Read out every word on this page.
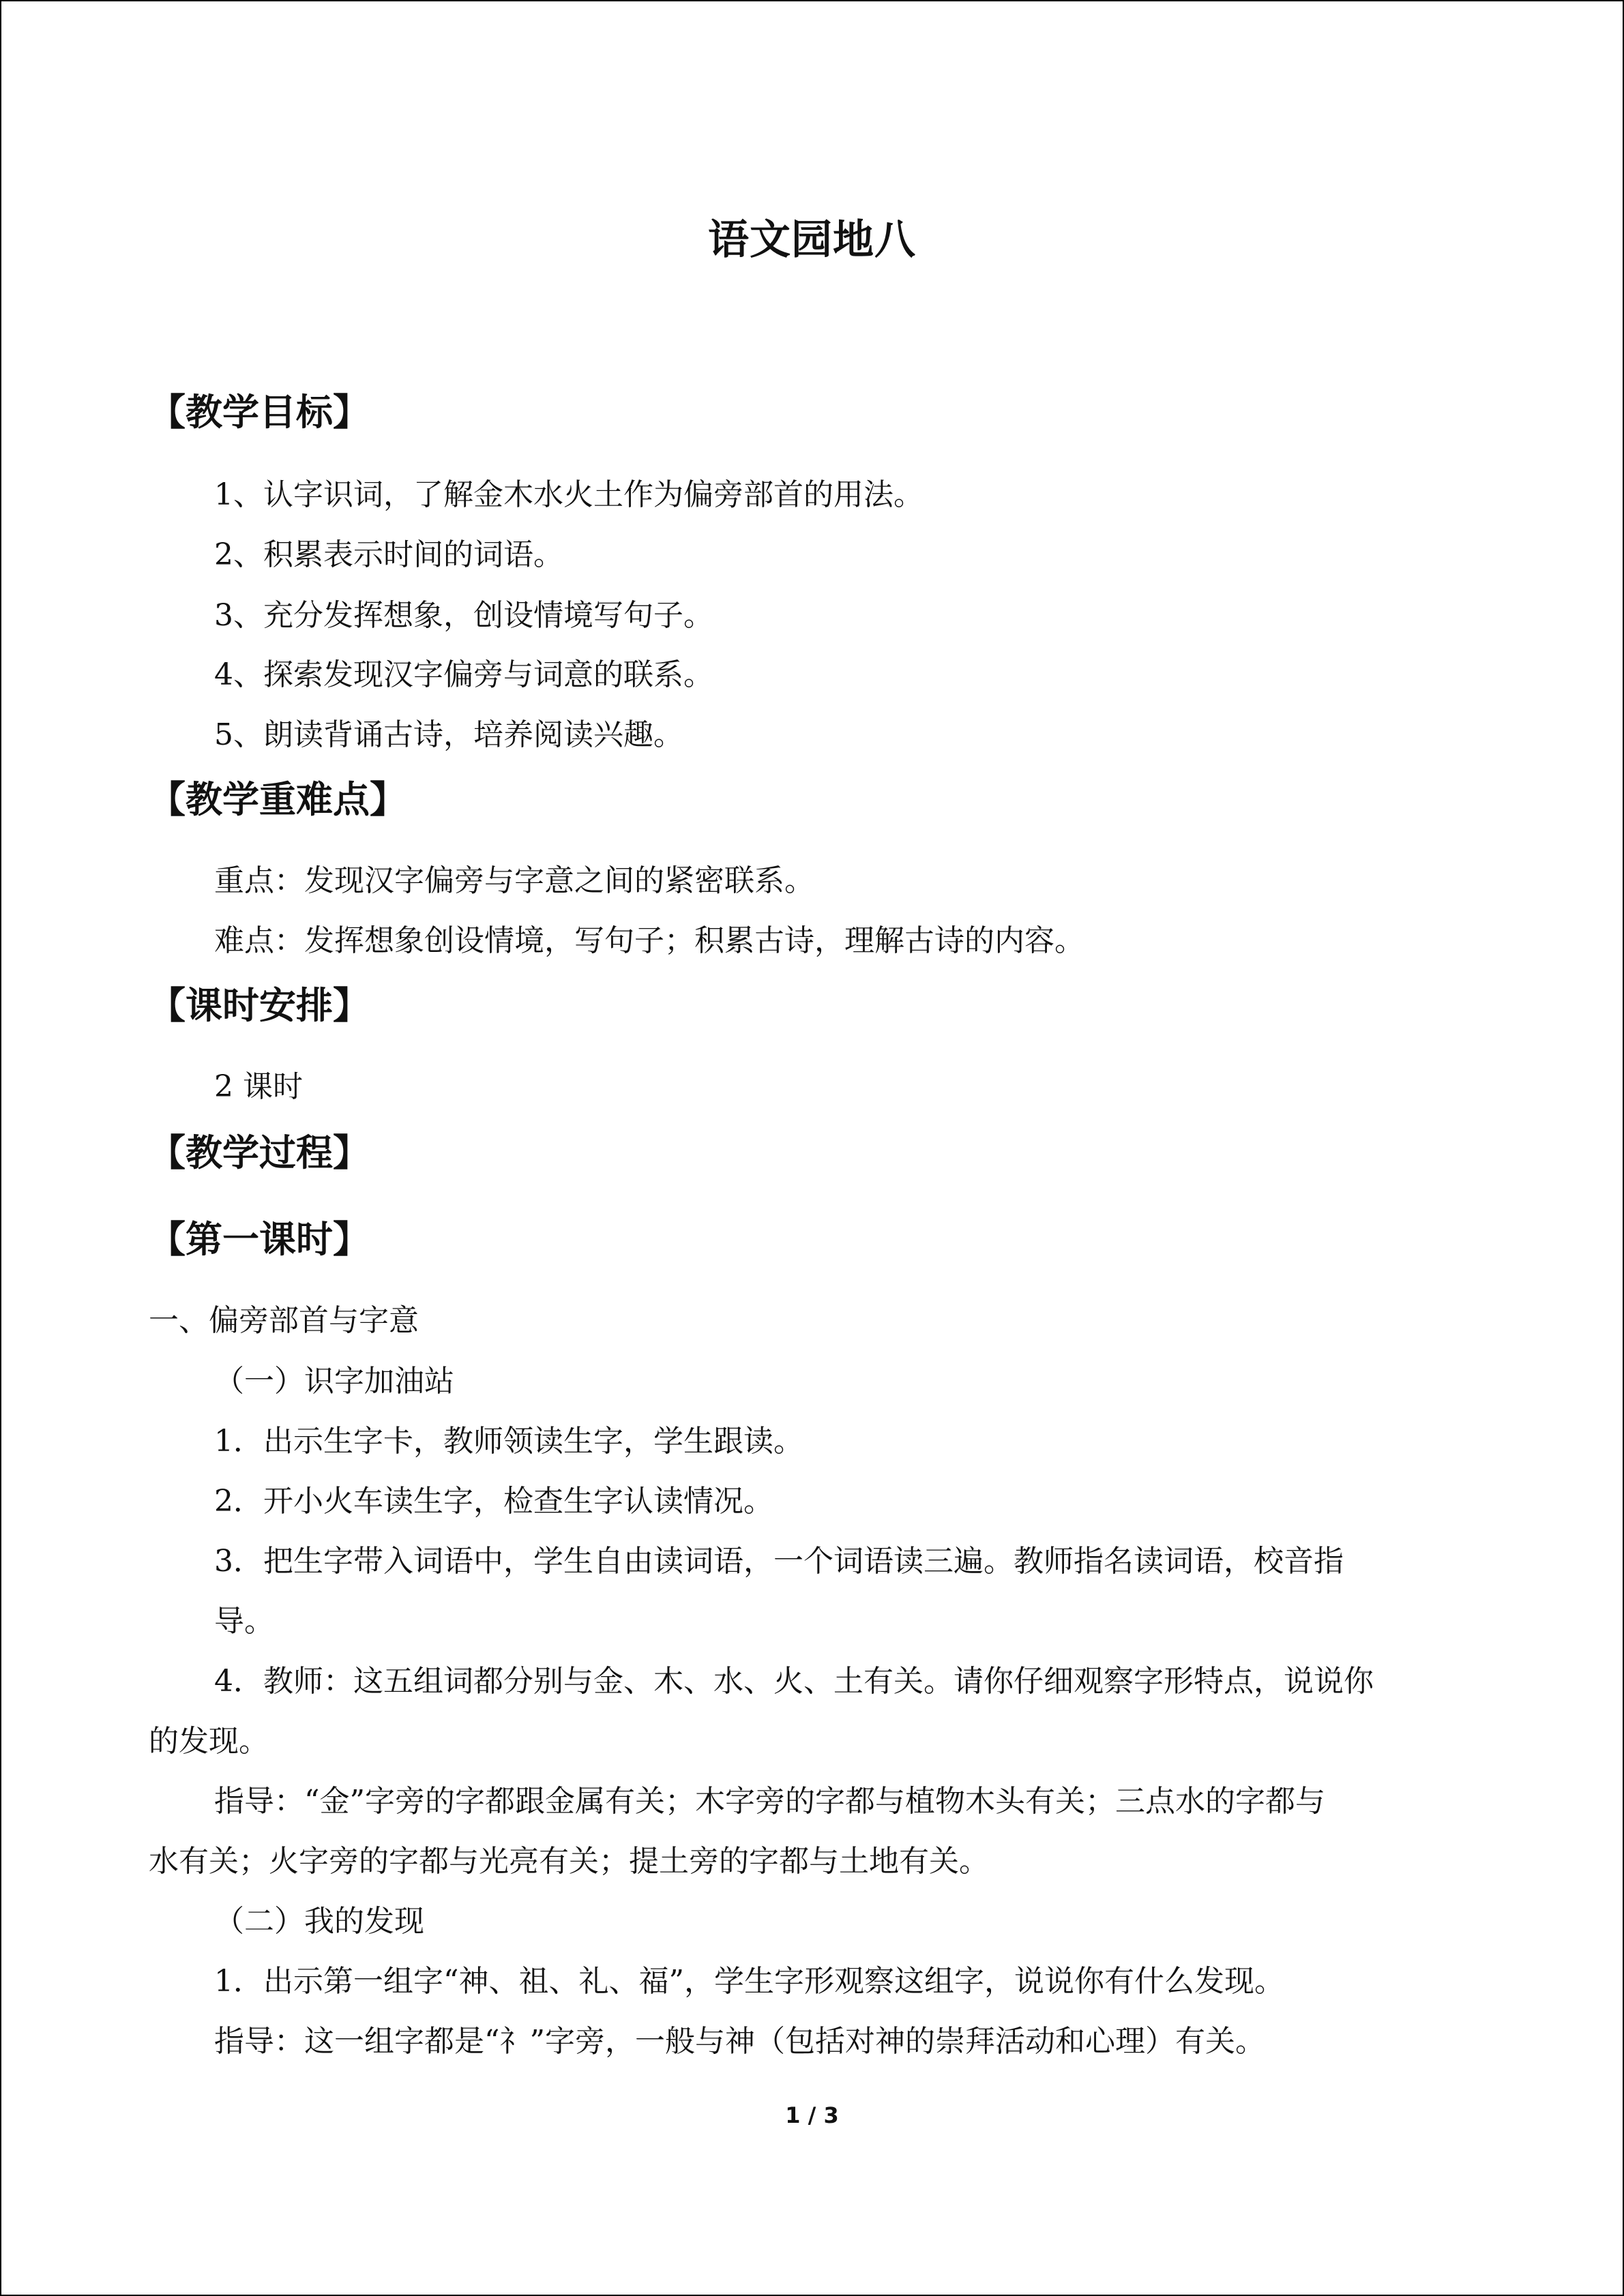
语文园地八
【教学目标】
1、认字识词，了解金木水火土作为偏旁部首的用法。
2、积累表示时间的词语。
3、充分发挥想象，创设情境写句子。
4、探索发现汉字偏旁与词意的联系。
5、朗读背诵古诗，培养阅读兴趣。
【教学重难点】
重点：发现汉字偏旁与字意之间的紧密联系。
难点：发挥想象创设情境，写句子；积累古诗，理解古诗的内容。
【课时安排】
2 课时
【教学过程】
【第一课时】
一、偏旁部首与字意
（一）识字加油站
1．出示生字卡，教师领读生字，学生跟读。
2．开小火车读生字，检查生字认读情况。
3．把生字带入词语中，学生自由读词语，一个词语读三遍。教师指名读词语，校音指
导。
4．教师：这五组词都分别与金、木、水、火、土有关。请你仔细观察字形特点，说说你
的发现。
指导：“金”字旁的字都跟金属有关；木字旁的字都与植物木头有关；三点水的字都与
水有关；火字旁的字都与光亮有关；提土旁的字都与土地有关。
（二）我的发现
1．出示第一组字“神、祖、礼、福”，学生字形观察这组字，说说你有什么发现。
指导：这一组字都是“礻”字旁，一般与神（包括对神的崇拜活动和心理）有关。
1 / 3
